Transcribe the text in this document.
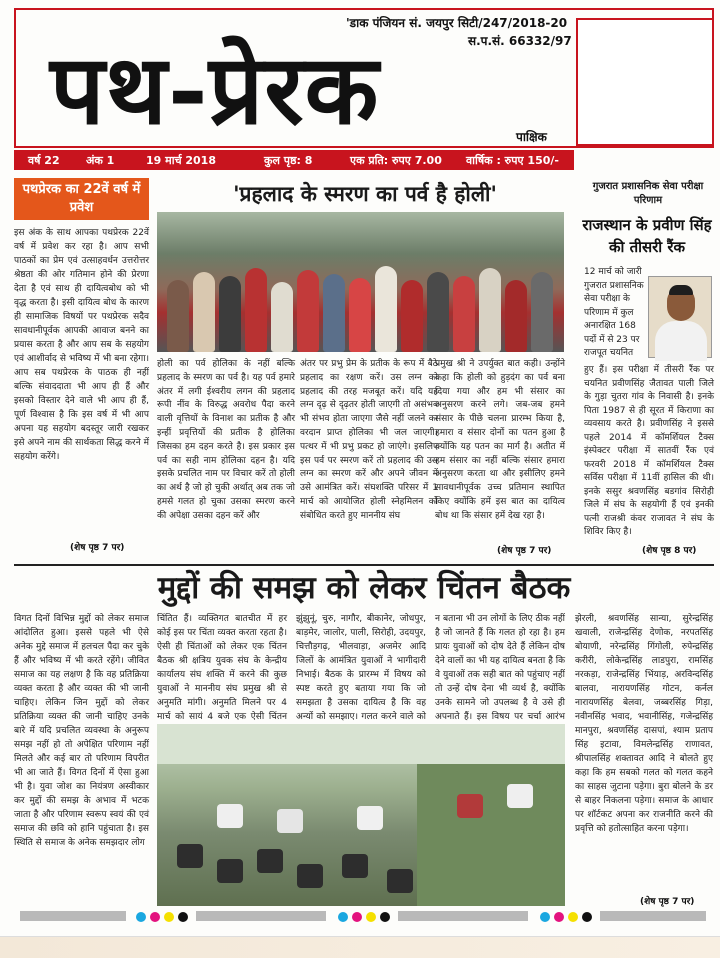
'डाक पंजियन सं. जयपुर सिटी/247/2018-20
स.प.सं. 66332/97
पथ-प्रेरक	पाक्षिक
वर्ष 22 अंक 1	19 मार्च 2018	कुल पृष्ठ: 8	एक प्रति: रुपए 7.00 वार्षिक : रुपए 150/-
पथप्रेरक का 22वें वर्ष में प्रवेश
इस अंक के साथ आपका पथप्रेरक 22वें वर्ष में प्रवेश कर रहा है। आप सभी पाठकों का प्रेम एवं उत्साहवर्धन उत्तरोत्तर श्रेष्ठता की ओर गतिमान होने की प्रेरणा देता है एवं साथ ही दायित्वबोध को भी वृद्ध करता है। इसी दायित्व बोध के कारण ही सामाजिक विषयों पर पथप्रेरक सदैव सावधानीपूर्वक आपकी आवाज बनने का प्रयास करता है और आप सब के सहयोग एवं आशीर्वाद से भविष्य में भी बना रहेगा। आप सब पथप्रेरक के पाठक ही नहीं बल्कि संवाददाता भी आप ही हैं और इसको विस्तार देने वाले भी आप ही हैं, पूर्ण विश्वास है कि इस वर्ष में भी आप अपना यह सहयोग बदस्तूर जारी रखकर इसे अपने नाम की सार्थकता सिद्ध करने में सहयोग करेंगे।
(शेष पृष्ठ 7 पर)
'प्रहलाद के स्मरण का पर्व है होली'
होली का पर्व होलिका के नहीं बल्कि प्रहलाद के स्मरण का पर्व है। यह पर्व हमारे अंतर में लगी ईश्वरीय लगन की प्रहलाद रूपी नींव के विरुद्ध अवरोध पैदा करने वाली वृत्तियों के विनाश का प्रतीक है और इन्हीं प्रवृत्तियों की प्रतीक है होलिका जिसका हम दहन करते है। इस प्रकार इस पर्व का सही नाम होलिका दहन है। यदि इसके प्रचलित नाम पर विचार करें तो होली का अर्थ है जो हो चुकी अर्थात् अब तक जो हमसे गलत हो चुका उसका स्मरण करने की अपेक्षा उसका दहन करें और
अंतर पर प्रभु प्रेम के प्रतीक के रूप में बैठे प्रहलाद का रक्षण करें। उस लग्न को प्रहलाद की तरह मजबूत करें। यदि यह लग्न दृढ़ से दृढ़तर होती जाएगी तो असंभव भी संभव होता जाएगा जैसे नहीं जलने का वरदान प्राप्त होलिका भी जल जाएगी। पत्थर में भी प्रभु प्रकट हो जाएंगे। इसलिए इस पर्व पर स्मरण करें तो प्रहलाद की उस लग्न का स्मरण करें और अपने जीवन में उसे आमंत्रित करें। संघशक्ति परिसर में 1 मार्च को आयोजित होली स्नेहमिलन को संबोधित करते हुए माननीय संघ
प्रमुख श्री ने उपर्युक्त बात कही। उन्होंने कहा कि होली को हुड़दंग का पर्व बना दिया गया और हम भी संसार का अनुसरण करने लगे। जब-जब हमने संसार के पीछे चलना प्रारम्भ किया है, हमारा व संसार दोनों का पतन हुआ है क्योंकि यह पतन का मार्ग है। अतीत में हम संसार का नहीं बल्कि संसार हमारा अनुसरण करता था और इसीलिए हमने सावधानीपूर्वक उच्च प्रतिमान स्थापित किए क्योंकि हमें इस बात का दायित्व बोध था कि संसार हमें देख रहा है।
(शेष पृष्ठ 7 पर)
गुजरात प्रशासनिक सेवा परीक्षा परिणाम
राजस्थान के प्रवीण सिंह की तीसरी रैंक
12 मार्च को जारी गुजरात प्रशासनिक सेवा परीक्षा के परिणाम में कुल अनारक्षित 168 पदों में से 23 पर राजपूत चयनित
हुए हैं। इस परीक्षा में तीसरी रैंक पर चयनित प्रवीणसिंह जैतावत पाली जिले के गुड़ा चुतरा गांव के निवासी है। इनके पिता 1987 से ही सूरत में किराणा का व्यवसाय करते है। प्रवीणसिंह ने इससे पहले 2014 में कॉमर्शियल टैक्स इंस्पेक्टर परीक्षा में सातवीं रैंक एवं फरवरी 2018 में कॉमर्शियल टैक्स सर्विस परीक्षा में 11वीं हासिल की थी। इनके ससुर श्रवणसिंह बडगांव सिरोही जिले में संघ के सहयोगी हैं एवं इनकी पत्नी राजश्री कंवर राजावत ने संघ के शिविर किए है।
(शेष पृष्ठ 8 पर)
मुद्दों की समझ को लेकर चिंतन बैठक
विगत दिनों विभिन्न मुद्दों को लेकर समाज आंदोलित हुआ। इससे पहले भी ऐसे अनेक मुद्दे समाज में हलचल पैदा कर चुके हैं और भविष्य में भी करते रहेंगे। जीवित समाज का यह लक्षण है कि वह प्रतिक्रिया व्यक्त करता है और व्यक्त की भी जानी चाहिए। लेकिन जिन मुद्दों को लेकर प्रतिक्रिया व्यक्त की जानी चाहिए उनके बारे में यदि प्रचलित व्यवस्था के अनुरूप समझ नहीं हो तो अपेक्षित परिणाम नहीं मिलते और कई बार तो परिणाम विपरीत भी आ जाते हैं। विगत दिनों में ऐसा हुआ भी है। युवा जोश का नियंत्रण अस्वीकार कर मुद्दों की समझ के अभाव में भटक जाता है और परिणाम स्वरूप स्वयं की एवं समाज की छवि को हानि पहुंचाता है। इस स्थिति से समाज के अनेक समझदार लोग
चिंतित हैं। व्यक्तिगत बातचीत में हर कोई इस पर चिंता व्यक्त करता रहता है। ऐसी ही चिंताओं को लेकर एक चिंतन बैठक श्री क्षत्रिय युवक संघ के केन्द्रीय कार्यालय संघ शक्ति में करने की कुछ युवाओं ने माननीय संघ प्रमुख श्री से अनुमति मांगी। अनुमति मिलने पर 4 मार्च को सायं 4 बजे एक ऐसी चिंतन
झुंझुनूं, चुरु, नागौर, बीकानेर, जोधपुर, बाड़मेर, जालोर, पाली, सिरोही, उदयपुर, चित्तौड़गढ़, भीलवाड़ा, अजमेर आदि जिलों के आमंत्रित युवाओं ने भागीदारी निभाई। बैठक के प्रारम्भ में विषय को स्पष्ट करते हुए बताया गया कि जो समझता है उसका दायित्व है कि वह अन्यों को समझाए। गलत करने वाले को
न बताना भी उन लोगों के लिए ठीक नहीं है जो जानते हैं कि गलत हो रहा है। हम प्रायः युवाओं को दोष देते हैं लेकिन दोष देने वालों का भी यह दायित्व बनता है कि वे युवाओं तक सही बात को पहुंचाए नहीं तो उन्हें दोष देना भी व्यर्थ है, क्योंकि उनके सामने जो उपलब्ध है वे उसे ही अपनाते हैं। इस विषय पर चर्चा आरंभ
झेरली, श्रवणसिंह सान्या, सुरेन्द्रसिंह खवाली, राजेन्द्रसिंह देणोक, नरपतसिंह बोयाणी, नरेन्द्रसिंह गिंगोली, रुपेन्द्रसिंह करीरी, लोकेन्द्रसिंह लाडपुरा, रामसिंह नरकड़ा, राजेन्द्रसिंह भिंयाड़, अरविन्दसिंह बालवा, नारायणसिंह गोटन, कर्नल नारायणसिंह बेलवा, जब्बरसिंह गिड़ा, नवीनसिंह भवाद, भवानीसिंह, गजेन्द्रसिंह मानपुरा, श्रवणसिंह दासपां, श्याम प्रताप सिंह इटावा, विमलेन्द्रसिंह राणावत, श्रीपालसिंह शक्तावत आदि ने बोलते हुए कहा कि हम सबको गलत को गलत कहने का साहस जुटाना पड़ेगा। बुरा बोलने के डर से बाहर निकलना पड़ेगा। समाज के आधार पर शॉर्टकट अपना कर राजनीति करने की प्रवृत्ति को हतोत्साहित करना पड़ेगा।
(शेष पृष्ठ 7 पर)
